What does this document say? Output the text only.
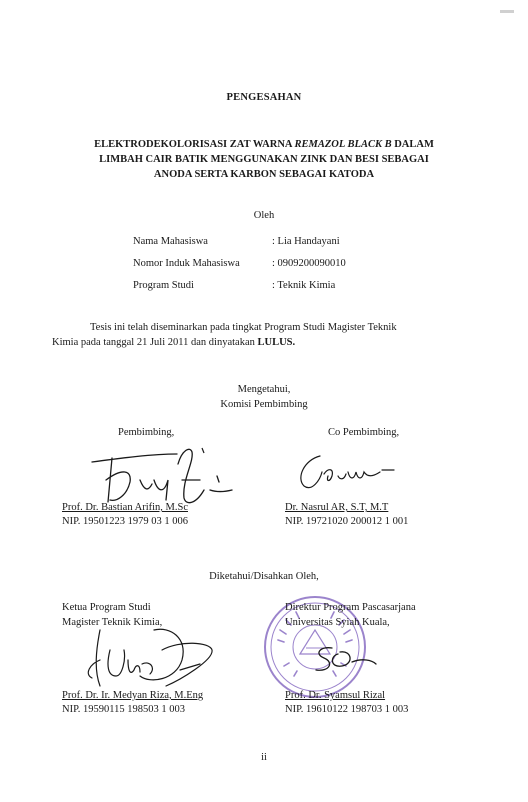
PENGESAHAN
ELEKTRODEKOLORISASI ZAT WARNA REMAZOL BLACK B DALAM
LIMBAH CAIR BATIK MENGGUNAKAN ZINK DAN BESI SEBAGAI
ANODA SERTA KARBON SEBAGAI KATODA
Oleh
Nama Mahasiswa	: Lia Handayani
Nomor Induk Mahasiswa	: 0909200090010
Program Studi	: Teknik Kimia
Tesis ini telah diseminarkan pada tingkat Program Studi Magister Teknik
Kimia pada tanggal 21 Juli 2011 dan dinyatakan LULUS.
Mengetahui,
Komisi Pembimbing
Pembimbing,
Prof. Dr. Bastian Arifin, M.Sc
NIP. 19501223 1979 03 1 006
Co Pembimbing,
Dr. Nasrul AR, S.T, M.T
NIP. 19721020 200012 1 001
Diketahui/Disahkan Oleh,
Ketua Program Studi
Magister Teknik Kimia,
Prof. Dr. Ir. Medyan Riza, M.Eng
NIP. 19590115 198503 1 003
Direktur Program Pascasarjana
Universitas Syiah Kuala,
Prof. Dr. Syamsul Rizal
NIP. 19610122 198703 1 003
ii
